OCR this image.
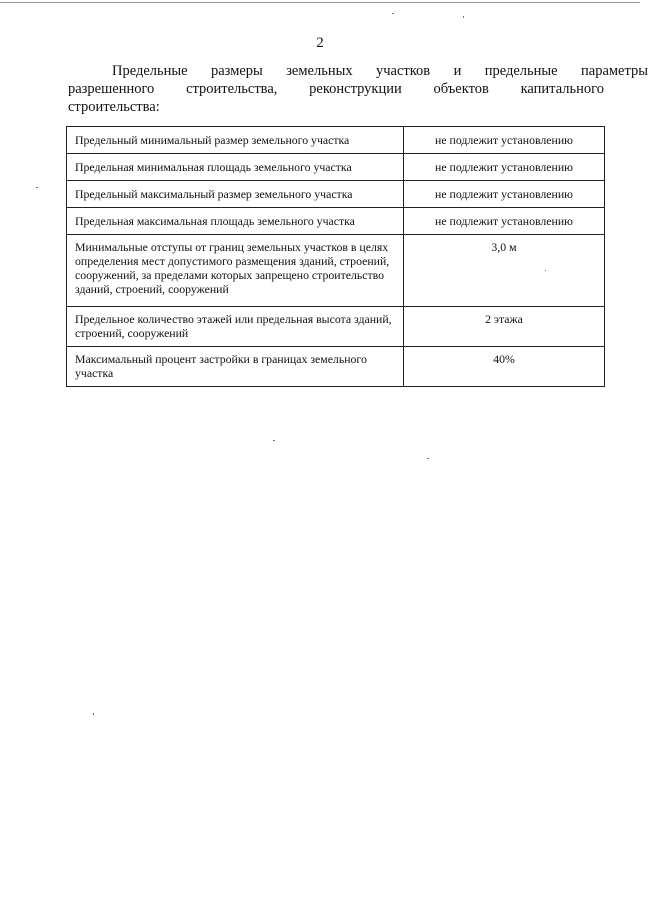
2
Предельные размеры земельных участков и предельные параметры
разрешенного строительства, реконструкции объектов капитального
строительства:
Предельный минимальный размер земельного участка	не подлежит установлению
Предельная минимальная площадь земельного участка	не подлежит установлению
Предельный максимальный размер земельного участка	не подлежит установлению
Предельная максимальная площадь земельного участка	не подлежит установлению
Минимальные отступы от границ земельных участков в целях определения мест допустимого размещения зданий, строений, сооружений, за пределами которых запрещено строительство зданий, строений, сооружений	3,0 м
Предельное количество этажей или предельная высота зданий, строений, сооружений	2 этажа
Максимальный процент застройки в границах земельного участка	40%
